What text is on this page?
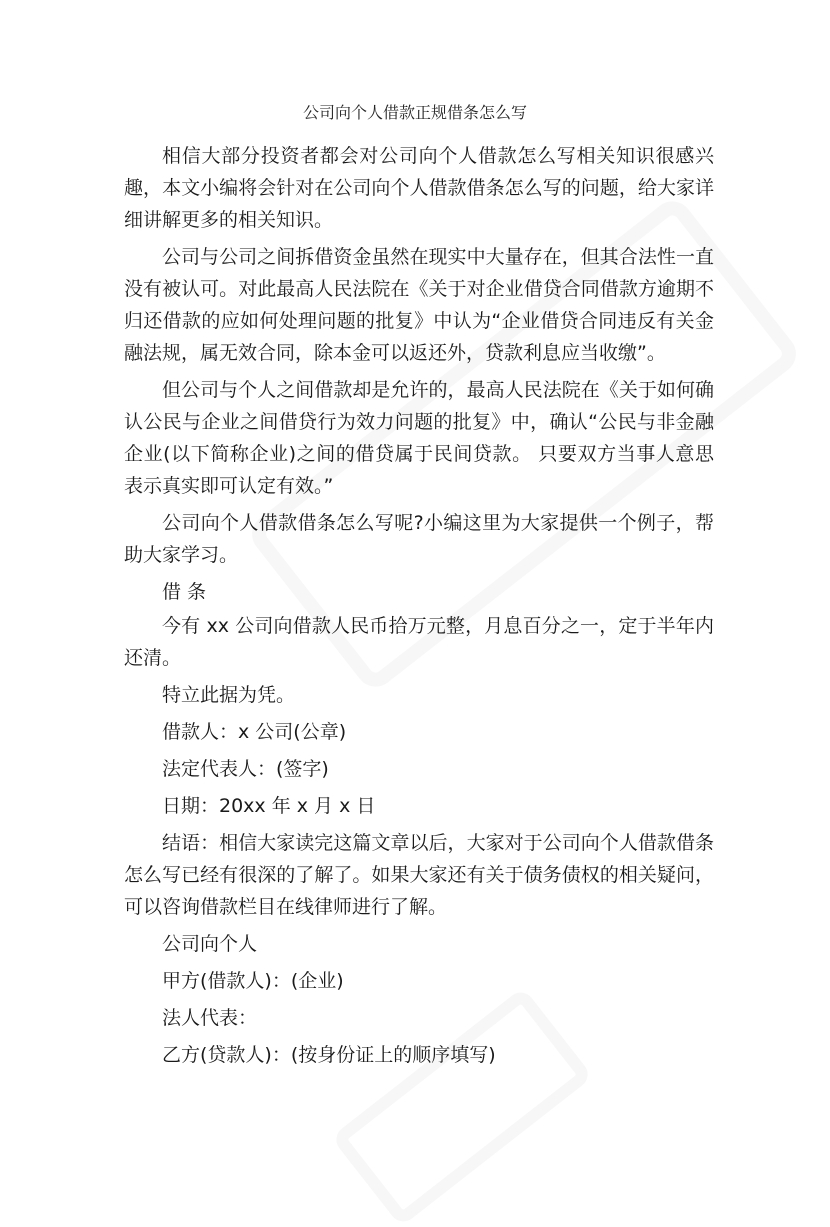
公司向个人借款正规借条怎么写

相信大部分投资者都会对公司向个人借款怎么写相关知识很感兴趣，本文小编将会针对在公司向个人借款借条怎么写的问题，给大家详细讲解更多的相关知识。

公司与公司之间拆借资金虽然在现实中大量存在，但其合法性一直没有被认可。对此最高人民法院在《关于对企业借贷合同借款方逾期不归还借款的应如何处理问题的批复》中认为“企业借贷合同违反有关金融法规，属无效合同，除本金可以返还外，贷款利息应当收缴”。

但公司与个人之间借款却是允许的，最高人民法院在《关于如何确认公民与企业之间借贷行为效力问题的批复》中，确认“公民与非金融企业(以下简称企业)之间的借贷属于民间贷款。 只要双方当事人意思表示真实即可认定有效。”

公司向个人借款借条怎么写呢?小编这里为大家提供一个例子，帮助大家学习。

借 条

今有 xx 公司向借款人民币拾万元整，月息百分之一，定于半年内还清。

特立此据为凭。

借款人：x 公司(公章)

法定代表人：(签字)

日期：20xx 年 x 月 x 日

结语：相信大家读完这篇文章以后，大家对于公司向个人借款借条怎么写已经有很深的了解了。如果大家还有关于债务债权的相关疑问，可以咨询借款栏目在线律师进行了解。

公司向个人

甲方(借款人)：(企业)

法人代表：

乙方(贷款人)：(按身份证上的顺序填写)
